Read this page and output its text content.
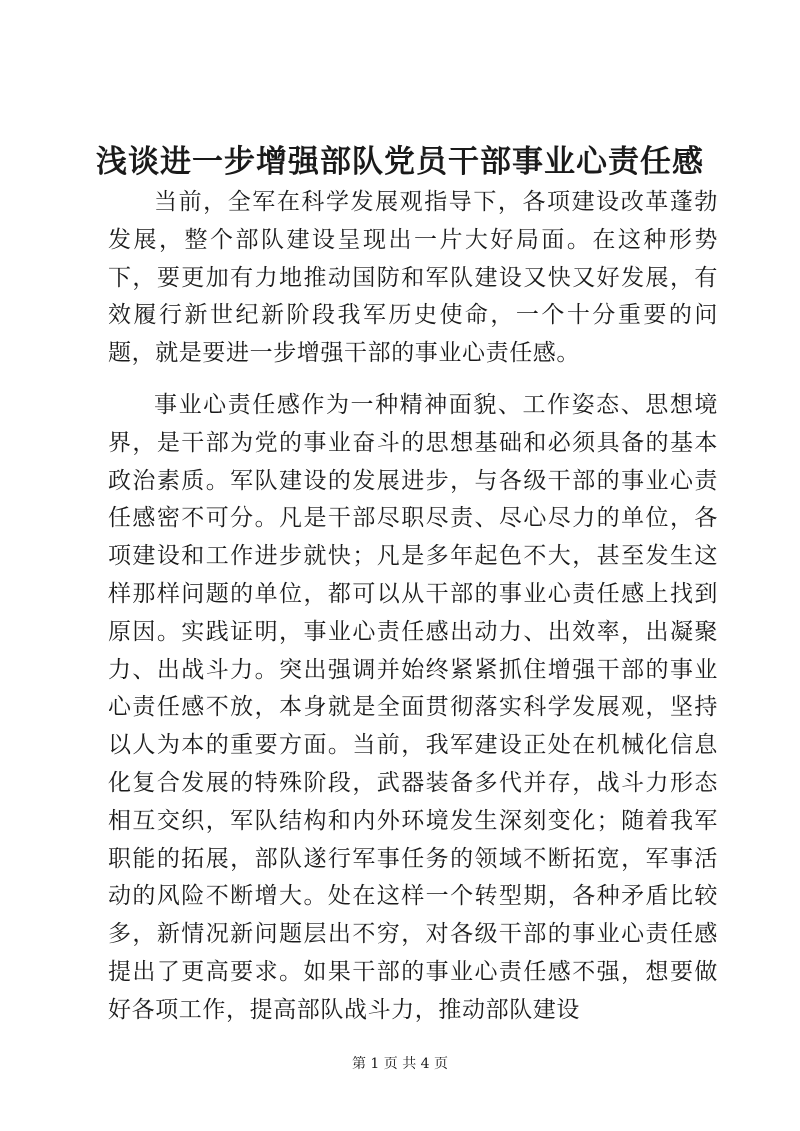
浅谈进一步增强部队党员干部事业心责任感

当前，全军在科学发展观指导下，各项建设改革蓬勃发展，整个部队建设呈现出一片大好局面。在这种形势下，要更加有力地推动国防和军队建设又快又好发展，有效履行新世纪新阶段我军历史使命，一个十分重要的问题，就是要进一步增强干部的事业心责任感。

事业心责任感作为一种精神面貌、工作姿态、思想境界，是干部为党的事业奋斗的思想基础和必须具备的基本政治素质。军队建设的发展进步，与各级干部的事业心责任感密不可分。凡是干部尽职尽责、尽心尽力的单位，各项建设和工作进步就快；凡是多年起色不大，甚至发生这样那样问题的单位，都可以从干部的事业心责任感上找到原因。实践证明，事业心责任感出动力、出效率，出凝聚力、出战斗力。突出强调并始终紧紧抓住增强干部的事业心责任感不放，本身就是全面贯彻落实科学发展观，坚持以人为本的重要方面。当前，我军建设正处在机械化信息化复合发展的特殊阶段，武器装备多代并存，战斗力形态相互交织，军队结构和内外环境发生深刻变化；随着我军职能的拓展，部队遂行军事任务的领域不断拓宽，军事活动的风险不断增大。处在这样一个转型期，各种矛盾比较多，新情况新问题层出不穷，对各级干部的事业心责任感提出了更高要求。如果干部的事业心责任感不强，想要做好各项工作，提高部队战斗力，推动部队建设

第 1 页 共 4 页
